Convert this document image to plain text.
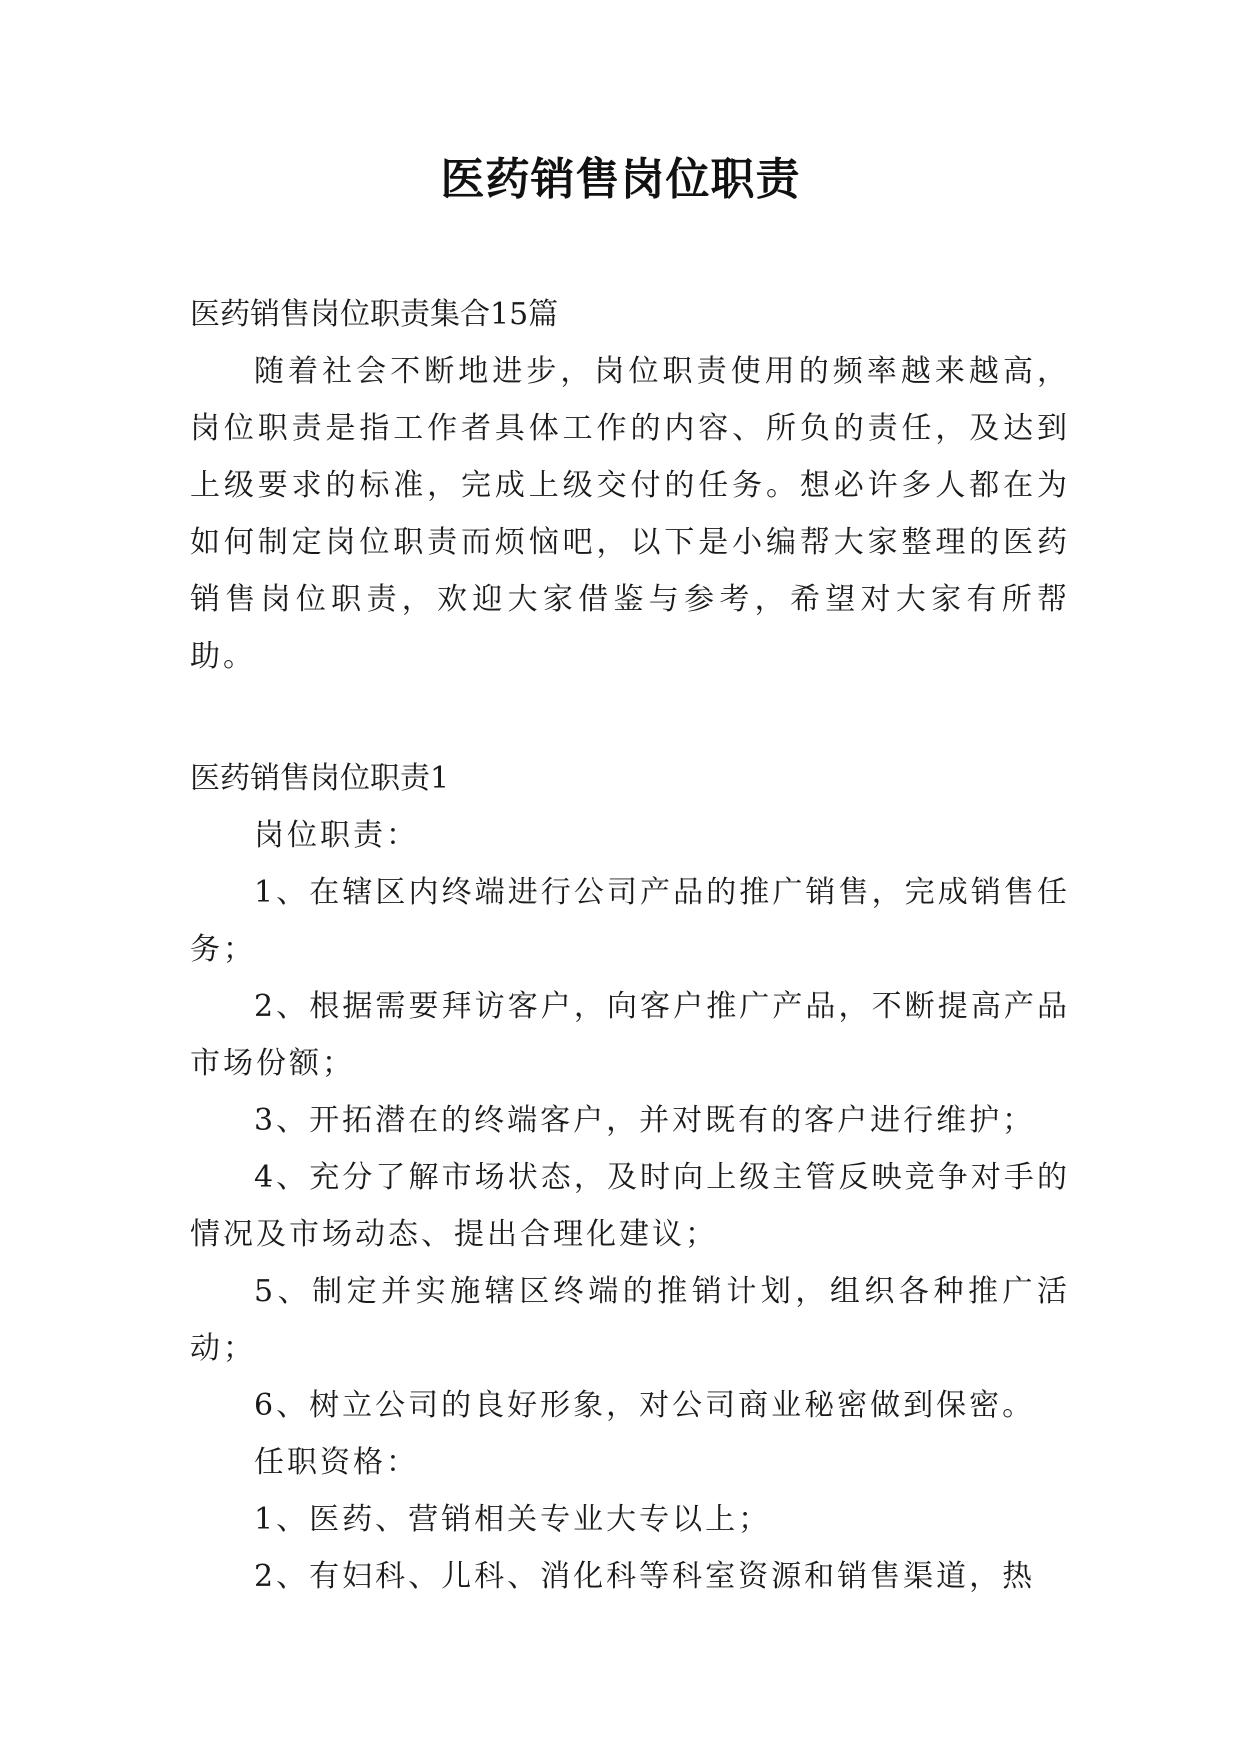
医药销售岗位职责

医药销售岗位职责集合15篇

随着社会不断地进步，岗位职责使用的频率越来越高，岗位职责是指工作者具体工作的内容、所负的责任，及达到上级要求的标准，完成上级交付的任务。想必许多人都在为如何制定岗位职责而烦恼吧，以下是小编帮大家整理的医药销售岗位职责，欢迎大家借鉴与参考，希望对大家有所帮助。

医药销售岗位职责1

岗位职责：

1、在辖区内终端进行公司产品的推广销售，完成销售任务；

2、根据需要拜访客户，向客户推广产品，不断提高产品市场份额；

3、开拓潜在的终端客户，并对既有的客户进行维护；

4、充分了解市场状态，及时向上级主管反映竞争对手的情况及市场动态、提出合理化建议；

5、制定并实施辖区终端的推销计划，组织各种推广活动；

6、树立公司的良好形象，对公司商业秘密做到保密。

任职资格：

1、医药、营销相关专业大专以上；

2、有妇科、儿科、消化科等科室资源和销售渠道，热
